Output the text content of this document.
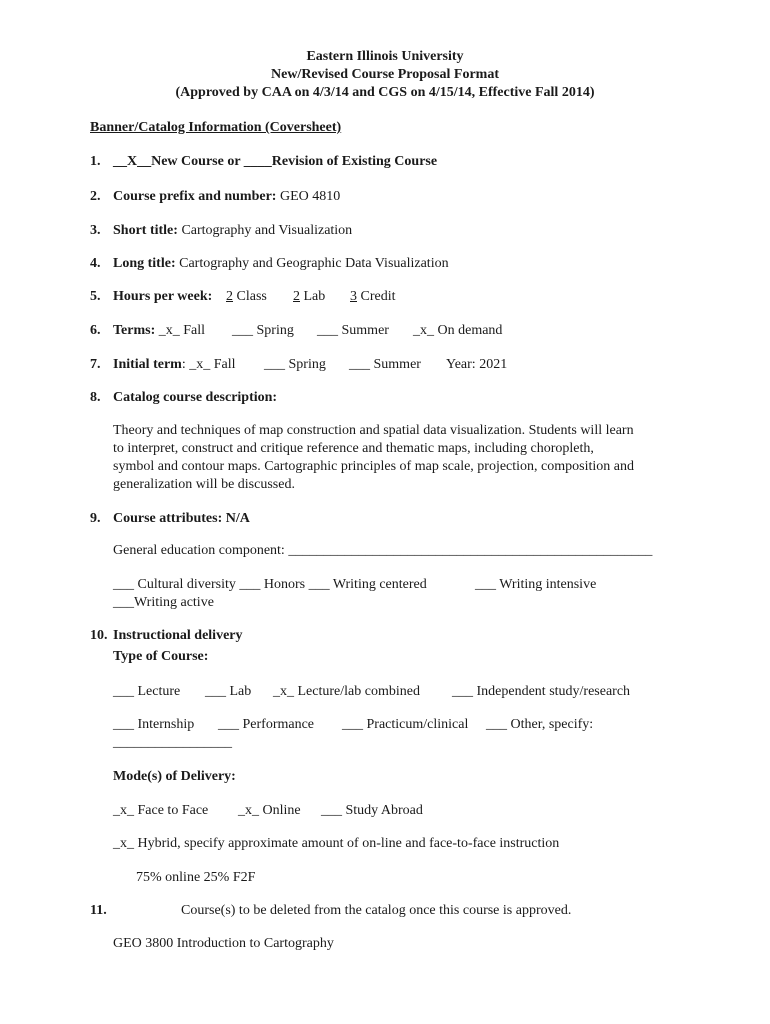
Eastern Illinois University
New/Revised Course Proposal Format
(Approved by CAA on 4/3/14 and CGS on 4/15/14, Effective Fall 2014)
Banner/Catalog Information (Coversheet)
1. __X__New Course or ____Revision of Existing Course
2. Course prefix and number: GEO 4810
3. Short title: Cartography and Visualization
4. Long title: Cartography and Geographic Data Visualization
5. Hours per week: 2 Class 2 Lab 3 Credit
6. Terms: _x_ Fall ___ Spring ___ Summer _x_ On demand
7. Initial term: _x_ Fall ___ Spring ___ Summer Year: 2021
8. Catalog course description:
Theory and techniques of map construction and spatial data visualization. Students will learn
to interpret, construct and critique reference and thematic maps, including choropleth,
symbol and contour maps. Cartographic principles of map scale, projection, composition and
generalization will be discussed.
9. Course attributes: N/A
General education component: ____________________________________________________
___ Cultural diversity ___ Honors ___ Writing centered	___ Writing intensive
___Writing active
10. Instructional delivery
Type of Course:
___ Lecture ___ Lab _x_ Lecture/lab combined ___ Independent study/research
___ Internship ___ Performance ___ Practicum/clinical ___ Other, specify:
_________________
Mode(s) of Delivery:
_x_ Face to Face _x_ Online ___ Study Abroad
_x_ Hybrid, specify approximate amount of on-line and face-to-face instruction
75% online 25% F2F
11.	Course(s) to be deleted from the catalog once this course is approved.
GEO 3800 Introduction to Cartography
